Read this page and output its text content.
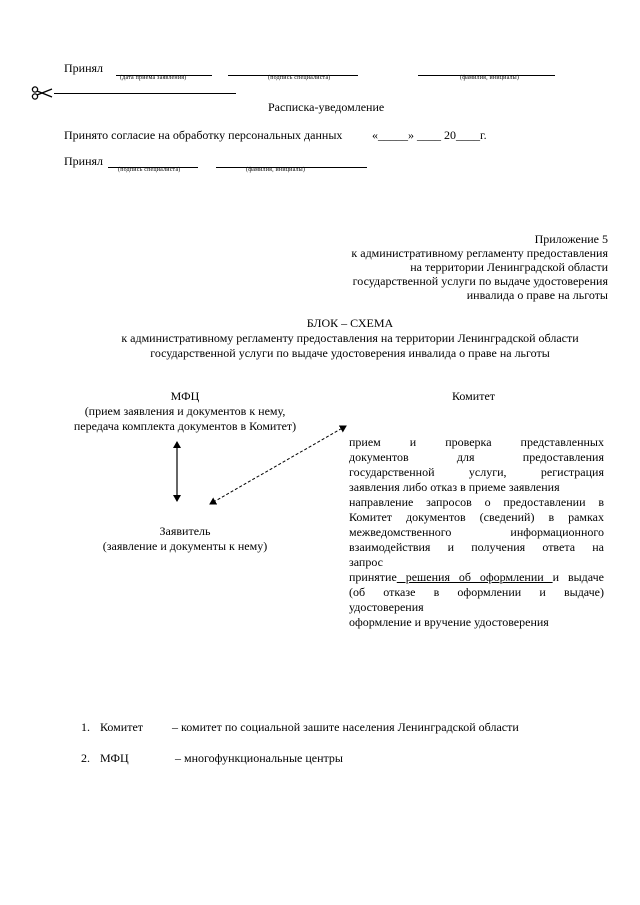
Принял
(дата приема заявления)	(подпись специалиста)	(фамилия, инициалы)
Расписка-уведомление
Принято согласие на обработку персональных данных «_____» ____ 20____г.
Принял
(подпись специалиста)	(фамилия, инициалы)
Приложение 5
к административному регламенту предоставления
на территории Ленинградской области
государственной услуги по выдаче удостоверения
инвалида о праве на льготы
БЛОК – СХЕМА
к административному регламенту предоставления на территории Ленинградской области
государственной услуги по выдаче удостоверения инвалида о праве на льготы
МФЦ
(прием заявления и документов к нему,
передача комплекта документов в Комитет)
Комитет
прием и проверка представленных
документов для предоставления
государственной услуги, регистрация
заявления либо отказ в приеме заявления
направление запросов о предоставлении в
Комитет документов (сведений) в рамках
межведомственного информационного
взаимодействия и получения ответа на
запрос
принятие решения об оформлении и выдаче
(об отказе в оформлении и выдаче)
удостоверения
оформление и вручение удостоверения
Заявитель
(заявление и документы к нему)
1. Комитет – комитет по социальной зашите населения Ленинградской области
2. МФЦ	– многофункциональные центры
